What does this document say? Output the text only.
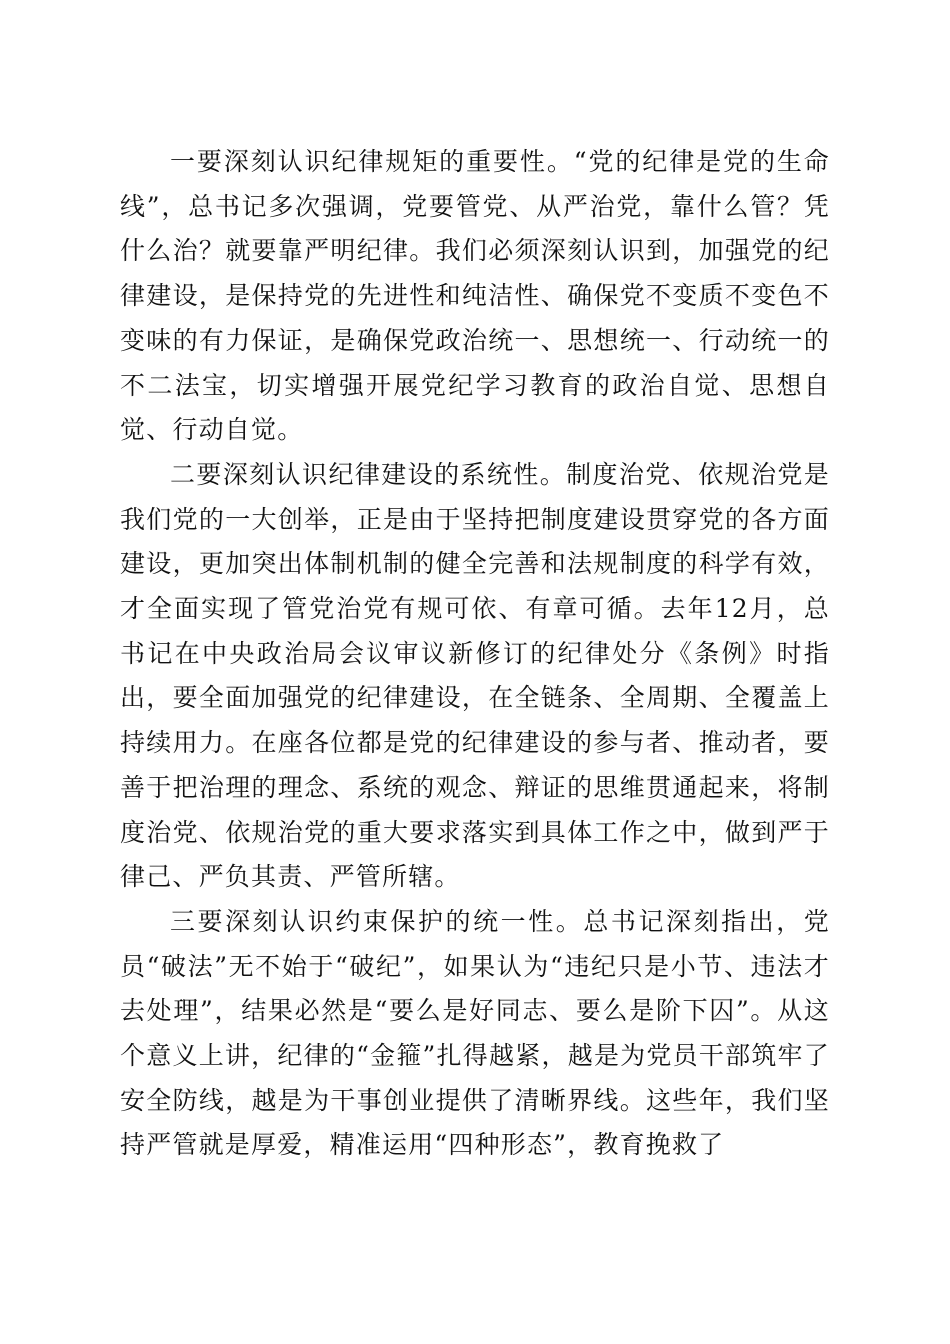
一要深刻认识纪律规矩的重要性。“党的纪律是党的生命线”，总书记多次强调，党要管党、从严治党，靠什么管？凭什么治？就要靠严明纪律。我们必须深刻认识到，加强党的纪律建设，是保持党的先进性和纯洁性、确保党不变质不变色不变味的有力保证，是确保党政治统一、思想统一、行动统一的不二法宝，切实增强开展党纪学习教育的政治自觉、思想自觉、行动自觉。

二要深刻认识纪律建设的系统性。制度治党、依规治党是我们党的一大创举，正是由于坚持把制度建设贯穿党的各方面建设，更加突出体制机制的健全完善和法规制度的科学有效，才全面实现了管党治党有规可依、有章可循。去年12月，总书记在中央政治局会议审议新修订的纪律处分《条例》时指出，要全面加强党的纪律建设，在全链条、全周期、全覆盖上持续用力。在座各位都是党的纪律建设的参与者、推动者，要善于把治理的理念、系统的观念、辩证的思维贯通起来，将制度治党、依规治党的重大要求落实到具体工作之中，做到严于律己、严负其责、严管所辖。

三要深刻认识约束保护的统一性。总书记深刻指出，党员“破法”无不始于“破纪”，如果认为“违纪只是小节、违法才去处理”，结果必然是“要么是好同志、要么是阶下囚”。从这个意义上讲，纪律的“金箍”扎得越紧，越是为党员干部筑牢了安全防线，越是为干事创业提供了清晰界线。这些年，我们坚持严管就是厚爱，精准运用“四种形态”，教育挽救了
